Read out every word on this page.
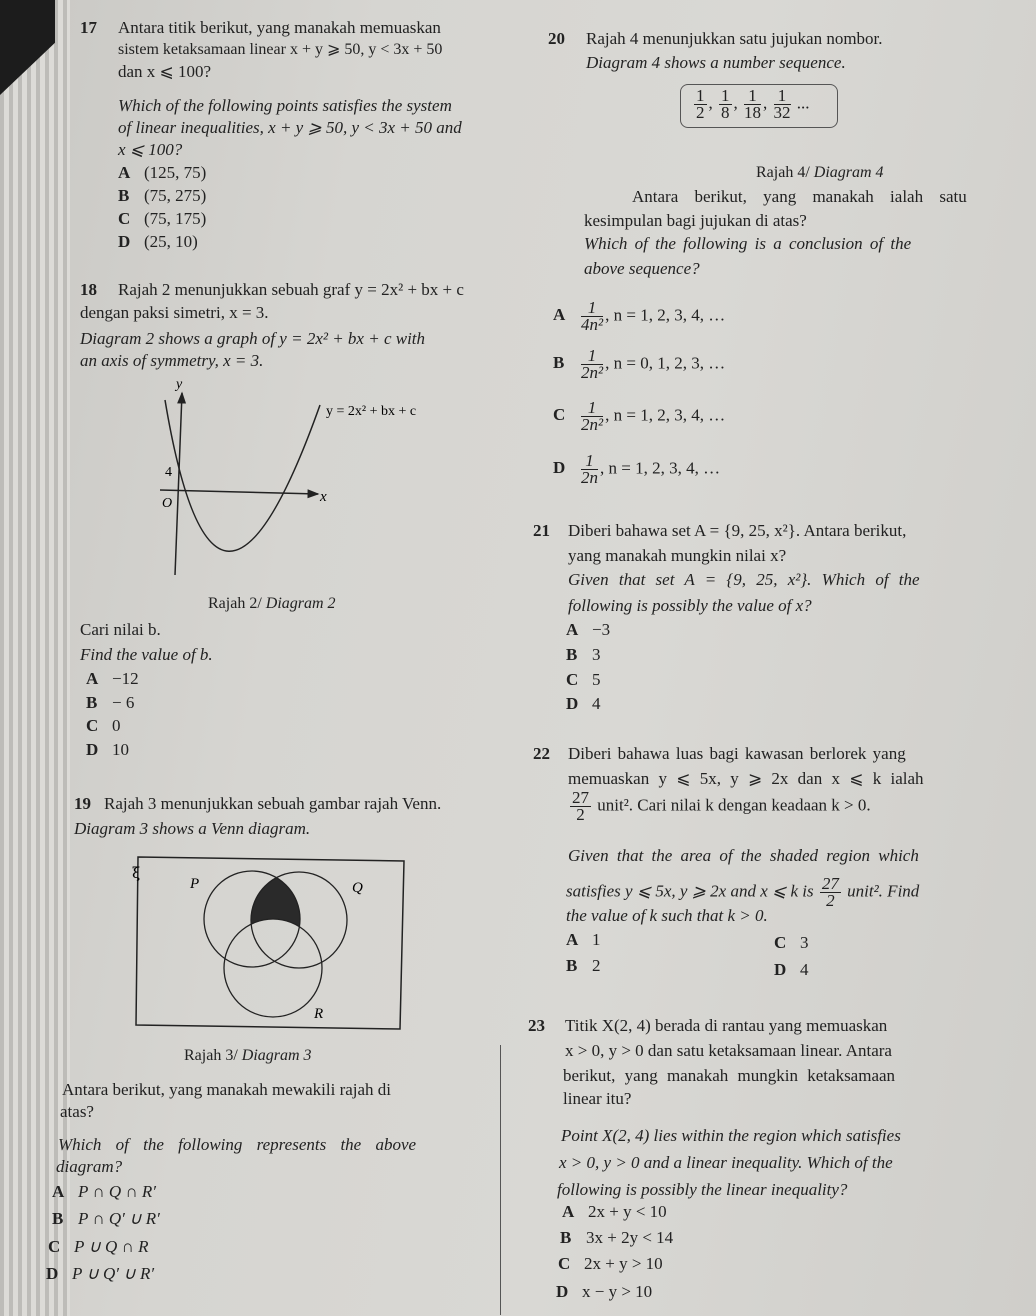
17 Antara titik berikut, yang manakah memuaskan
sistem ketaksamaan linear x + y ⩾ 50, y < 3x + 50
dan x ⩽ 100?
Which of the following points satisfies the system
of linear inequalities, x + y ⩾ 50, y < 3x + 50 and
x ⩽ 100?
A (125, 75)
B (75, 275)
C (75, 175)
D (25, 10)
18 Rajah 2 menunjukkan sebuah graf y = 2x² + bx + c
dengan paksi simetri, x = 3.
Diagram 2 shows a graph of y = 2x² + bx + c with
an axis of symmetry, x = 3.
y
x
O
4
y = 2x² + bx + c
Rajah 2/ Diagram 2
Cari nilai b.
Find the value of b.
A −12
B − 6
C 0
D 10
19 Rajah 3 menunjukkan sebuah gambar rajah Venn.
Diagram 3 shows a Venn diagram.
ξ
P	Q
R
Rajah 3/ Diagram 3
Antara berikut, yang manakah mewakili rajah di
atas?
Which of the following represents the above
diagram?
A P ∩ Q ∩ R′
B P ∩ Q′ ∪ R′
C P ∪ Q ∩ R
D P ∪ Q′ ∪ R′
20 Rajah 4 menunjukkan satu jujukan nombor.
Diagram 4 shows a number sequence.
$\frac{1}{2}$ , $\frac{1}{8}$ , $\frac{1}{18}$ , $\frac{1}{32}$ ...
Rajah 4/ Diagram 4
Antara berikut, yang manakah ialah satu
kesimpulan bagi jujukan di atas?
Which of the following is a conclusion of the
above sequence?
A $\frac{1}{\text{4n²}}$ , n = 1, 2, 3, 4, …
B $\frac{1}{\text{2n²}}$ , n = 0, 1, 2, 3, …
C $\frac{1}{\text{2n²}}$ , n = 1, 2, 3, 4, …
D $\frac{1}{2n}$ , n = 1, 2, 3, 4, …
21 Diberi bahawa set A = {9, 25, x²}. Antara berikut,
yang manakah mungkin nilai x?
Given that set A = {9, 25, x²}. Which of the
following is possibly the value of x?
A −3
B 3
C 5
D 4
22 Diberi bahawa luas bagi kawasan berlorek yang
memuaskan y ⩽ 5x, y ⩾ 2x dan x ⩽ k ialah
$\frac{27}{2}$ unit². Cari nilai k dengan keadaan k > 0.
Given that the area of the shaded region which
satisfies y ⩽ 5x, y ⩾ 2x and x ⩽ k is $\frac{27}{2}$ unit². Find
the value of k such that k > 0.
A 1
B 2
C 3
D 4
23 Titik X(2, 4) berada di rantau yang memuaskan
x > 0, y > 0 dan satu ketaksamaan linear. Antara
berikut, yang manakah mungkin ketaksamaan
linear itu?
Point X(2, 4) lies within the region which satisfies
x > 0, y > 0 and a linear inequality. Which of the
following is possibly the linear inequality?
A 2x + y < 10
B 3x + 2y < 14
C 2x + y > 10
D x − y > 10
